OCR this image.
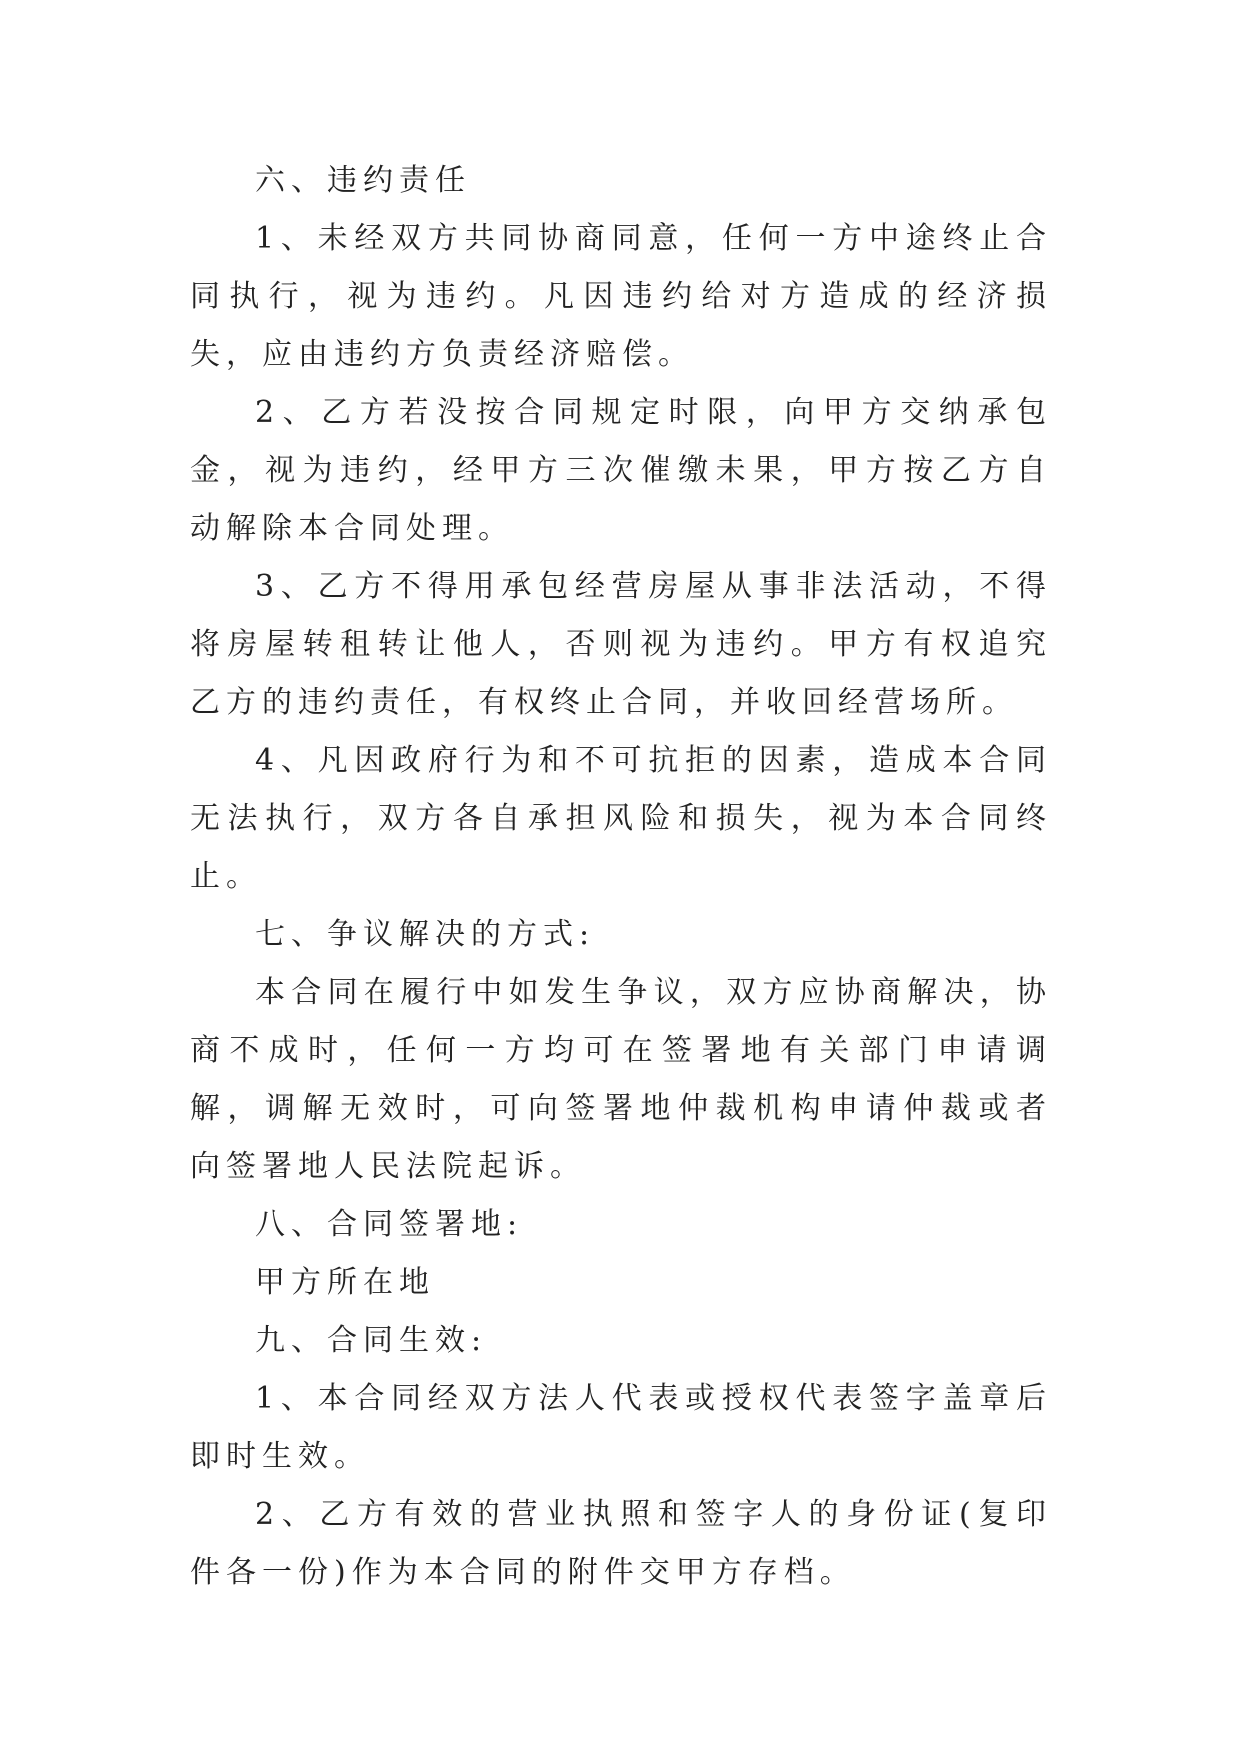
六、违约责任

1、未经双方共同协商同意，任何一方中途终止合同执行，视为违约。凡因违约给对方造成的经济损失，应由违约方负责经济赔偿。

2、乙方若没按合同规定时限，向甲方交纳承包金，视为违约，经甲方三次催缴未果，甲方按乙方自动解除本合同处理。

3、乙方不得用承包经营房屋从事非法活动，不得将房屋转租转让他人，否则视为违约。甲方有权追究乙方的违约责任，有权终止合同，并收回经营场所。

4、凡因政府行为和不可抗拒的因素，造成本合同无法执行，双方各自承担风险和损失，视为本合同终止。

七、争议解决的方式:

本合同在履行中如发生争议，双方应协商解决，协商不成时，任何一方均可在签署地有关部门申请调解，调解无效时，可向签署地仲裁机构申请仲裁或者向签署地人民法院起诉。

八、合同签署地:

甲方所在地

九、合同生效:

1、本合同经双方法人代表或授权代表签字盖章后即时生效。

2、乙方有效的营业执照和签字人的身份证(复印件各一份)作为本合同的附件交甲方存档。
